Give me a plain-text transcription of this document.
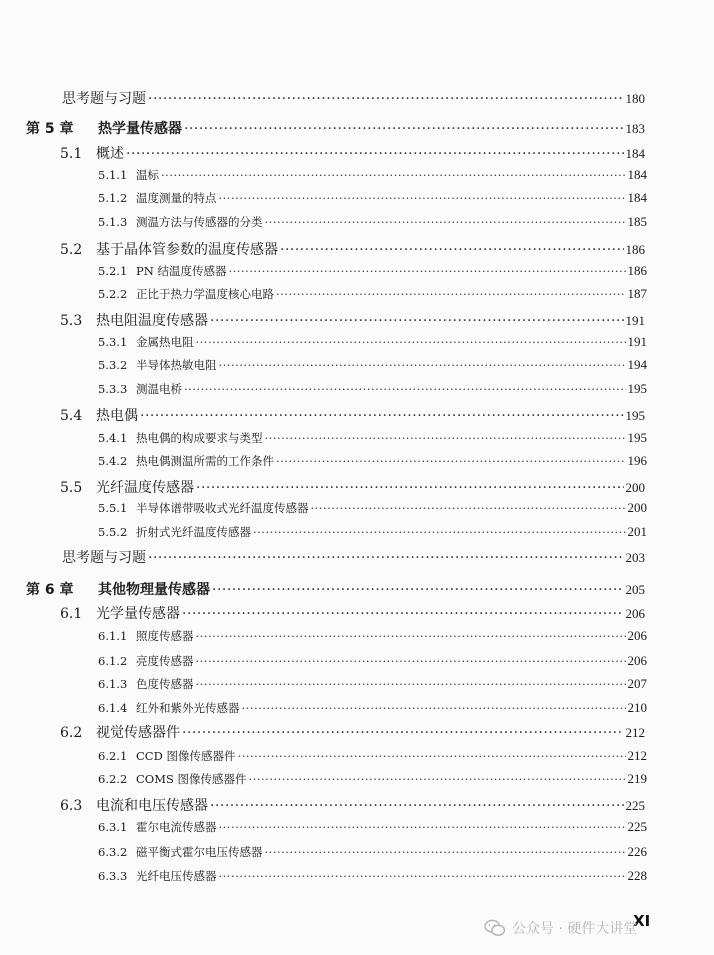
思考题与习题 ·····	180
第 5 章	热学量传感器 ·····	183
5.1 概述 ·····	184
5.1.1 温标 ·····	184
5.1.2 温度测量的特点 ·····	184
5.1.3 测温方法与传感器的分类 ·····	185
5.2 基于晶体管参数的温度传感器 ·····	186
5.2.1 PN 结温度传感器 ·····	186
5.2.2 正比于热力学温度核心电路 ·····	187
5.3 热电阻温度传感器 ·····	191
5.3.1 金属热电阻 ·····	191
5.3.2 半导体热敏电阻 ·····	194
5.3.3 测温电桥 ·····	195
5.4 热电偶 ·····	195
5.4.1 热电偶的构成要求与类型 ·····	195
5.4.2 热电偶测温所需的工作条件 ·····	196
5.5 光纤温度传感器 ·····	200
5.5.1 半导体谱带吸收式光纤温度传感器 ·····	200
5.5.2 折射式光纤温度传感器 ·····	201
思考题与习题 ·····	203
第 6 章	其他物理量传感器 ·····	205
6.1 光学量传感器 ·····	206
6.1.1 照度传感器 ·····	206
6.1.2 亮度传感器 ·····	206
6.1.3 色度传感器 ·····	207
6.1.4 红外和紫外光传感器 ·····	210
6.2 视觉传感器件 ·····	212
6.2.1 CCD 图像传感器件 ·····	212
6.2.2 COMS 图像传感器件 ·····	219
6.3 电流和电压传感器 ·····	225
6.3.1 霍尔电流传感器 ·····	225
6.3.2 磁平衡式霍尔电压传感器 ·····	226
6.3.3 光纤电压传感器 ·····	228
XI
公众号 · 硬件大讲堂
